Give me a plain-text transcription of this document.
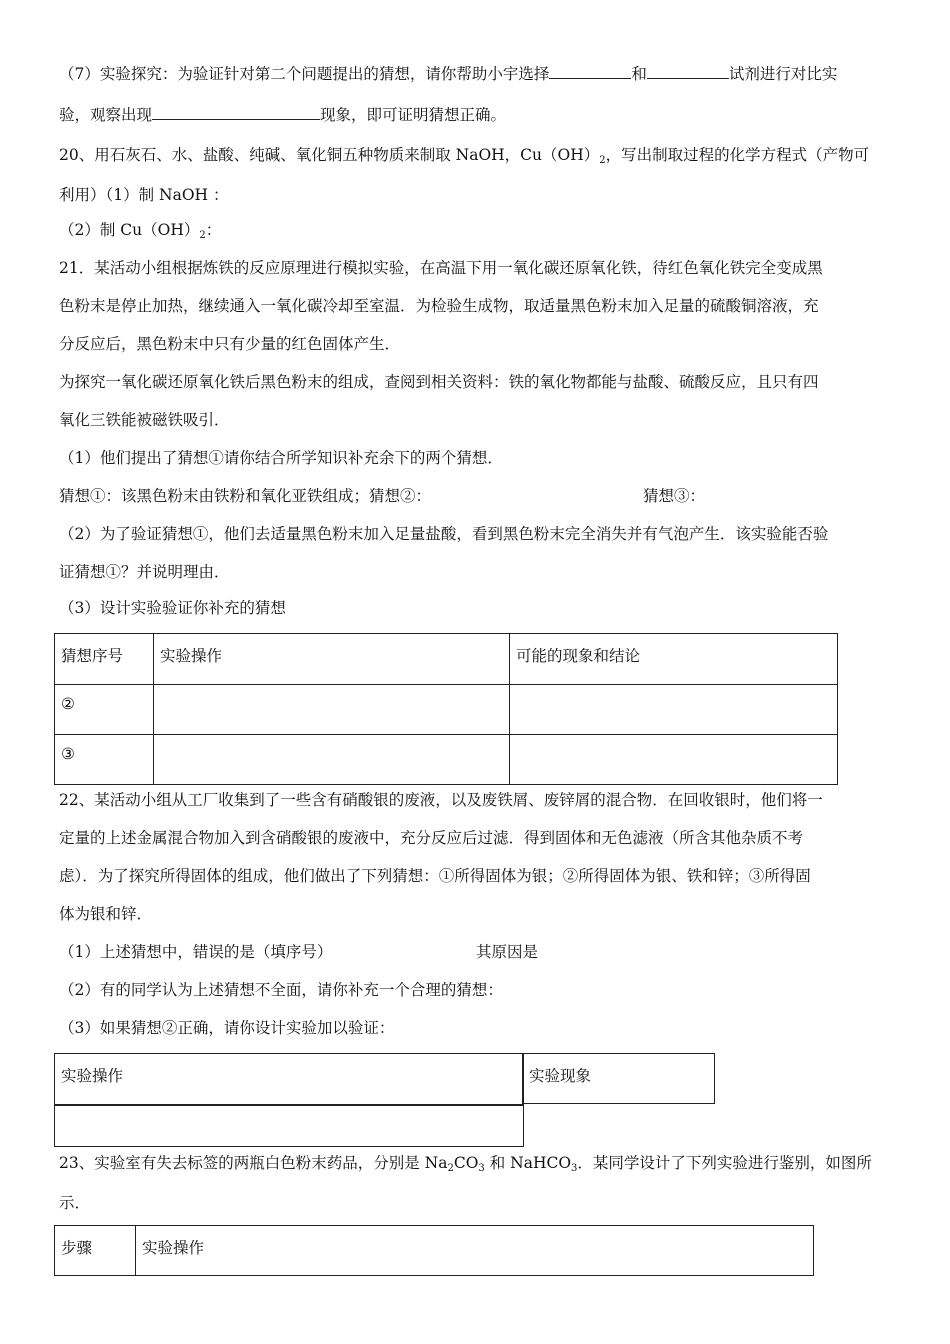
（7）实验探究：为验证针对第二个问题提出的猜想，请你帮助小宇选择	和	试剂进行对比实
验，观察出现	现象，即可证明猜想正确。
20、用石灰石、水、盐酸、纯碱、氧化铜五种物质来制取 NaOH，$Cu(OH)_2$，写出制取过程的化学方程式（产物可
利用）（1）制 NaOH ：
（2）制 $Cu(OH)_2$：
21．某活动小组根据炼铁的反应原理进行模拟实验，在高温下用一氧化碳还原氧化铁，待红色氧化铁完全变成黑
色粉末是停止加热，继续通入一氧化碳冷却至室温．为检验生成物，取适量黑色粉末加入足量的硫酸铜溶液，充
分反应后，黑色粉末中只有少量的红色固体产生．
为探究一氧化碳还原氧化铁后黑色粉末的组成，查阅到相关资料：铁的氧化物都能与盐酸、硫酸反应，且只有四
氧化三铁能被磁铁吸引．
（1）他们提出了猜想①请你结合所学知识补充余下的两个猜想．
猜想①：该黑色粉末由铁粉和氧化亚铁组成；猜想②：	猜想③：
（2）为了验证猜想①，他们去适量黑色粉末加入足量盐酸，看到黑色粉末完全消失并有气泡产生．该实验能否验
证猜想①？并说明理由．
（3）设计实验验证你补充的猜想
猜想序号	实验操作	可能的现象和结论
②		
③		
22、某活动小组从工厂收集到了一些含有硝酸银的废液，以及废铁屑、废锌屑的混合物．在回收银时，他们将一
定量的上述金属混合物加入到含硝酸银的废液中，充分反应后过滤．得到固体和无色滤液（所含其他杂质不考
虑）．为了探究所得固体的组成，他们做出了下列猜想：①所得固体为银；②所得固体为银、铁和锌；③所得固
体为银和锌．
（1）上述猜想中，错误的是（填序号）	其原因是
（2）有的同学认为上述猜想不全面，请你补充一个合理的猜想：
（3）如果猜想②正确，请你设计实验加以验证：
实验操作	实验现象
23、实验室有失去标签的两瓶白色粉末药品，分别是 $Na_2CO_3$ 和 NaHCO$_3$．某同学设计了下列实验进行鉴别，如图所
示．
步骤	实验操作
